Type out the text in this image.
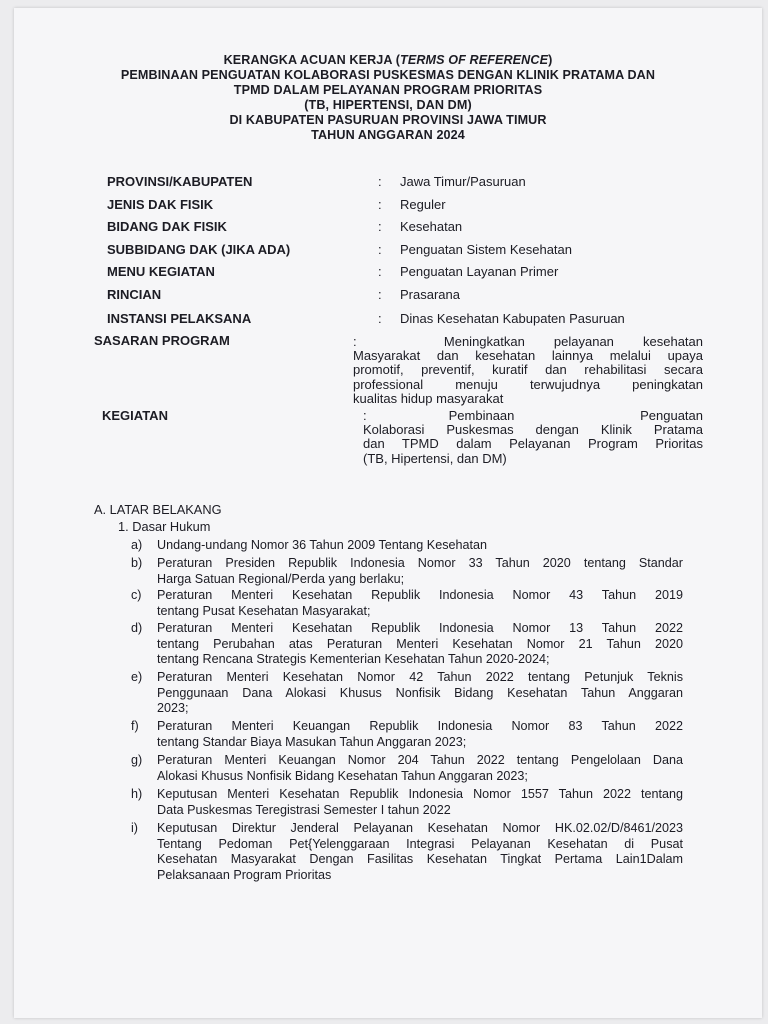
KERANGKA ACUAN KERJA (TERMS OF REFERENCE)
PEMBINAAN PENGUATAN KOLABORASI PUSKESMAS DENGAN KLINIK PRATAMA DAN
TPMD DALAM PELAYANAN PROGRAM PRIORITAS
(TB, HIPERTENSI, DAN DM)
DI KABUPATEN PASURUAN PROVINSI JAWA TIMUR
TAHUN ANGGARAN 2024
PROVINSI/KABUPATEN	: Jawa Timur/Pasuruan
JENIS DAK FISIK	: Reguler
BIDANG DAK FISIK	: Kesehatan
SUBBIDANG DAK (JIKA ADA)	: Penguatan Sistem Kesehatan
MENU KEGIATAN	: Penguatan Layanan Primer
RINCIAN	: Prasarana
INSTANSI PELAKSANA	: Dinas Kesehatan Kabupaten Pasuruan
SASARAN PROGRAM	:	Meningkatkan pelayanan kesehatan
Masyarakat dan kesehatan lainnya melalui upaya
promotif, preventif, kuratif dan rehabilitasi secara
professional menuju terwujudnya peningkatan
kualitas hidup masyarakat
KEGIATAN	:	Pembinaan Penguatan
Kolaborasi Puskesmas dengan Klinik Pratama
dan TPMD dalam Pelayanan Program Prioritas
(TB, Hipertensi, dan DM)
A. LATAR BELAKANG
1. Dasar Hukum
a) Undang-undang Nomor 36 Tahun 2009 Tentang Kesehatan
b) Peraturan Presiden Republik Indonesia Nomor 33 Tahun 2020 tentang Standar
Harga Satuan Regional/Perda yang berlaku;
c) Peraturan Menteri Kesehatan Republik Indonesia Nomor 43 Tahun 2019
tentang Pusat Kesehatan Masyarakat;
d) Peraturan Menteri Kesehatan Republik Indonesia Nomor 13 Tahun 2022
tentang Perubahan atas Peraturan Menteri Kesehatan Nomor 21 Tahun 2020
tentang Rencana Strategis Kementerian Kesehatan Tahun 2020-2024;
e) Peraturan Menteri Kesehatan Nomor 42 Tahun 2022 tentang Petunjuk Teknis
Penggunaan Dana Alokasi Khusus Nonfisik Bidang Kesehatan Tahun Anggaran
2023;
f) Peraturan Menteri Keuangan Republik Indonesia Nomor 83 Tahun 2022
tentang Standar Biaya Masukan Tahun Anggaran 2023;
g) Peraturan Menteri Keuangan Nomor 204 Tahun 2022 tentang Pengelolaan Dana
Alokasi Khusus Nonfisik Bidang Kesehatan Tahun Anggaran 2023;
h) Keputusan Menteri Kesehatan Republik Indonesia Nomor 1557 Tahun 2022 tentang
Data Puskesmas Teregistrasi Semester I tahun 2022
i) Keputusan Direktur Jenderal Pelayanan Kesehatan Nomor HK.02.02/D/8461/2023
Tentang Pedoman Pet{Yelenggaraan Integrasi Pelayanan Kesehatan di Pusat
Kesehatan Masyarakat Dengan Fasilitas Kesehatan Tingkat Pertama Lain1Dalam
Pelaksanaan Program Prioritas
